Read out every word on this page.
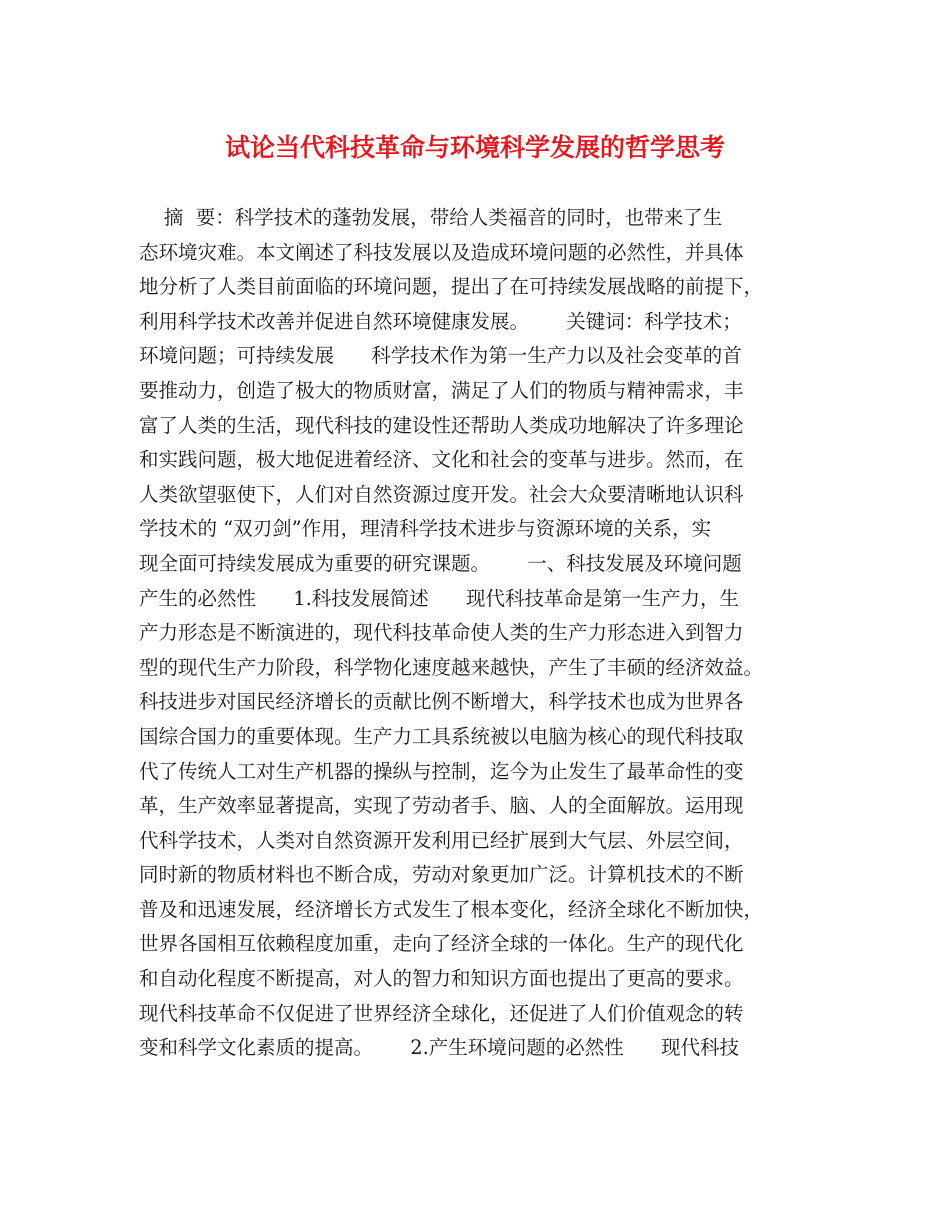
试论当代科技革命与环境科学发展的哲学思考
摘  要：科学技术的蓬勃发展，带给人类福音的同时，也带来了生
态环境灾难。本文阐述了科技发展以及造成环境问题的必然性，并具体
地分析了人类目前面临的环境问题，提出了在可持续发展战略的前提下，
利用科学技术改善并促进自然环境健康发展。      关键词：科学技术；
环境问题；可持续发展      科学技术作为第一生产力以及社会变革的首
要推动力，创造了极大的物质财富，满足了人们的物质与精神需求，丰
富了人类的生活，现代科技的建设性还帮助人类成功地解决了许多理论
和实践问题，极大地促进着经济、文化和社会的变革与进步。然而，在
人类欲望驱使下，人们对自然资源过度开发。社会大众要清晰地认识科
学技术的 “双刃剑”作用，理清科学技术进步与资源环境的关系，实
现全面可持续发展成为重要的研究课题。      一、科技发展及环境问题
产生的必然性      1.科技发展简述      现代科技革命是第一生产力，生
产力形态是不断演进的，现代科技革命使人类的生产力形态进入到智力
型的现代生产力阶段，科学物化速度越来越快，产生了丰硕的经济效益。
科技进步对国民经济增长的贡献比例不断增大，科学技术也成为世界各
国综合国力的重要体现。生产力工具系统被以电脑为核心的现代科技取
代了传统人工对生产机器的操纵与控制，迄今为止发生了最革命性的变
革，生产效率显著提高，实现了劳动者手、脑、人的全面解放。运用现
代科学技术，人类对自然资源开发利用已经扩展到大气层、外层空间，
同时新的物质材料也不断合成，劳动对象更加广泛。计算机技术的不断
普及和迅速发展，经济增长方式发生了根本变化，经济全球化不断加快，
世界各国相互依赖程度加重，走向了经济全球的一体化。生产的现代化
和自动化程度不断提高，对人的智力和知识方面也提出了更高的要求。
现代科技革命不仅促进了世界经济全球化，还促进了人们价值观念的转
变和科学文化素质的提高。      2.产生环境问题的必然性      现代科技
